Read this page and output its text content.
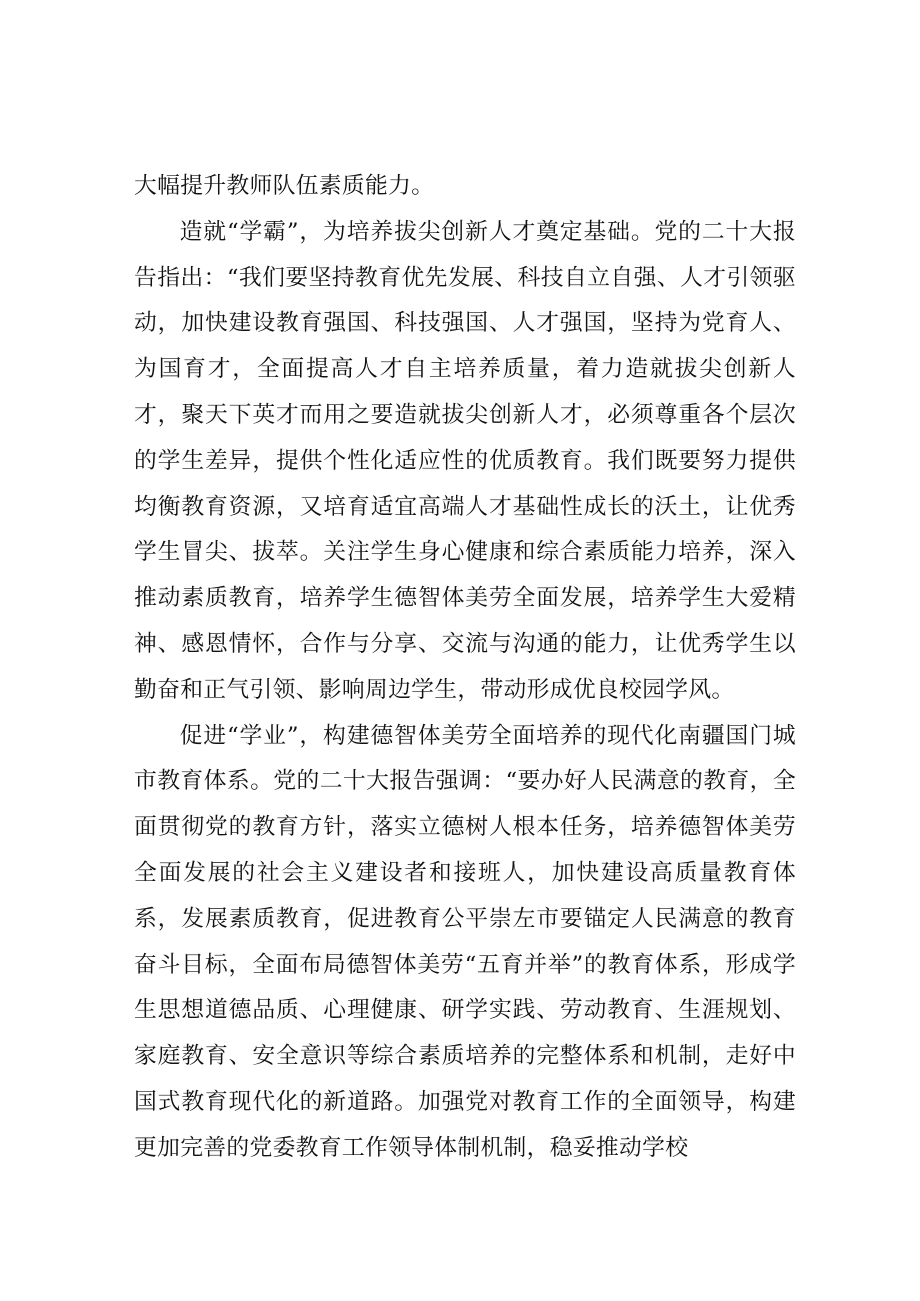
大幅提升教师队伍素质能力。

造就“学霸”，为培养拔尖创新人才奠定基础。党的二十大报告指出：“我们要坚持教育优先发展、科技自立自强、人才引领驱动，加快建设教育强国、科技强国、人才强国，坚持为党育人、为国育才，全面提高人才自主培养质量，着力造就拔尖创新人才，聚天下英才而用之要造就拔尖创新人才，必须尊重各个层次的学生差异，提供个性化适应性的优质教育。我们既要努力提供均衡教育资源，又培育适宜高端人才基础性成长的沃土，让优秀学生冒尖、拔萃。关注学生身心健康和综合素质能力培养，深入推动素质教育，培养学生德智体美劳全面发展，培养学生大爱精神、感恩情怀，合作与分享、交流与沟通的能力，让优秀学生以勤奋和正气引领、影响周边学生，带动形成优良校园学风。

促进“学业”，构建德智体美劳全面培养的现代化南疆国门城市教育体系。党的二十大报告强调：“要办好人民满意的教育，全面贯彻党的教育方针，落实立德树人根本任务，培养德智体美劳全面发展的社会主义建设者和接班人，加快建设高质量教育体系，发展素质教育，促进教育公平崇左市要锚定人民满意的教育奋斗目标，全面布局德智体美劳“五育并举”的教育体系，形成学生思想道德品质、心理健康、研学实践、劳动教育、生涯规划、家庭教育、安全意识等综合素质培养的完整体系和机制，走好中国式教育现代化的新道路。加强党对教育工作的全面领导，构建更加完善的党委教育工作领导体制机制，稳妥推动学校
